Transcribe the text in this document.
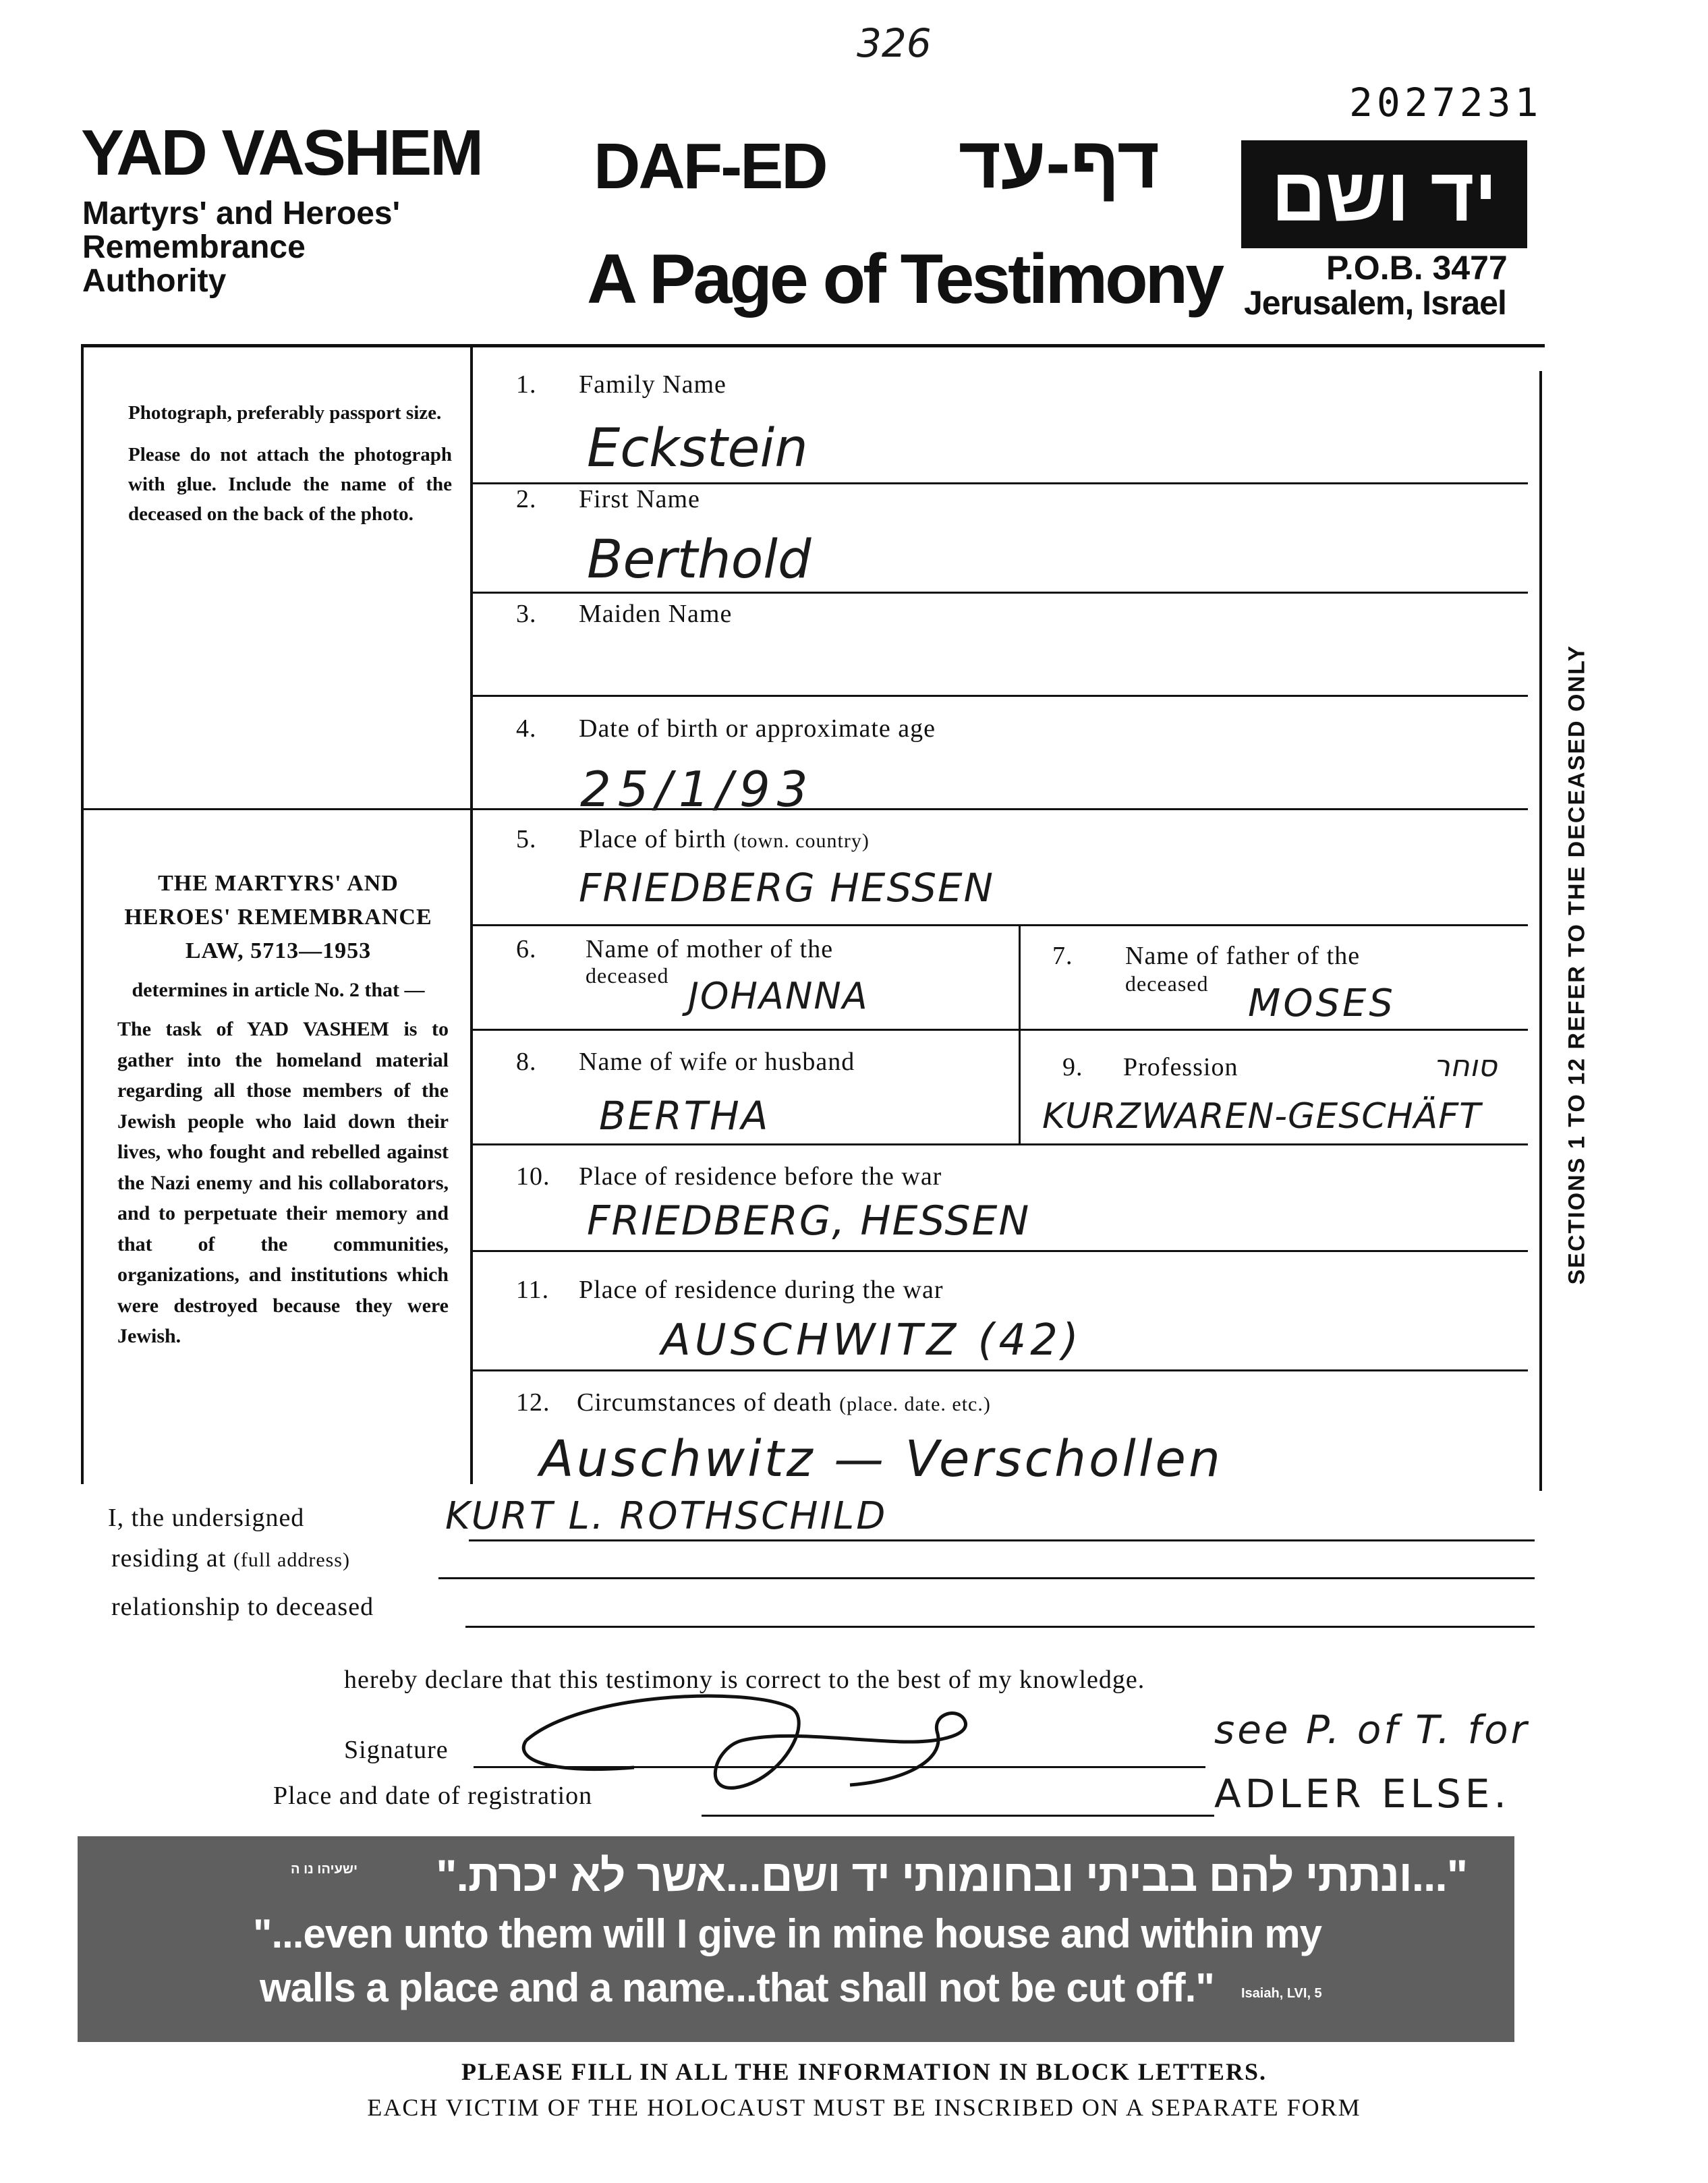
326
2027231
YAD VASHEM
Martyrs' and Heroes'
Remembrance
Authority
DAF-ED	דף-עד
A Page of Testimony
יד ושם
P.O.B. 3477
Jerusalem, Israel
Photograph, preferably passport size.
Please do not attach the photograph with glue. Include the name of the deceased on the back of the photo.
THE MARTYRS' AND HEROES' REMEMBRANCE LAW, 5713—1953
determines in article No. 2 that —
The task of YAD VASHEM is to gather into the homeland material regarding all those members of the Jewish people who laid down their lives, who fought and rebelled against the Nazi enemy and his collaborators, and to perpetuate their memory and that of the communities, organizations, and institutions which were destroyed because they were Jewish.
SECTIONS 1 TO 12 REFER TO THE DECEASED ONLY
1. Family Name
Eckstein
2. First Name
Berthold
3. Maiden Name
4. Date of birth or approximate age
25/1/93
5. Place of birth (town. country)
FRIEDBERG HESSEN
6. Name of mother of the
deceased JOHANNA
7. Name of father of the
deceased MOSES
8. Name of wife or husband
BERTHA
9. Profession	סוחר
KURZWAREN-GESCHÄFT
10. Place of residence before the war
FRIEDBERG, HESSEN
11. Place of residence during the war
AUSCHWITZ (42)
12. Circumstances of death (place. date. etc.)
Auschwitz — Verschollen
I, the undersigned	KURT L. ROTHSCHILD
residing at (full address)
relationship to deceased
hereby declare that this testimony is correct to the best of my knowledge.
Signature
Place and date of registration
see P. of T. for
ADLER ELSE.
"...ונתתי להם בביתי ובחומותי יד ושם...אשר לא יכרת."
ישעיהו נו ה
"...even unto them will I give in mine house and within my
walls a place and a name...that shall not be cut off." Isaiah, LVI, 5
PLEASE FILL IN ALL THE INFORMATION IN BLOCK LETTERS.
EACH VICTIM OF THE HOLOCAUST MUST BE INSCRIBED ON A SEPARATE FORM
